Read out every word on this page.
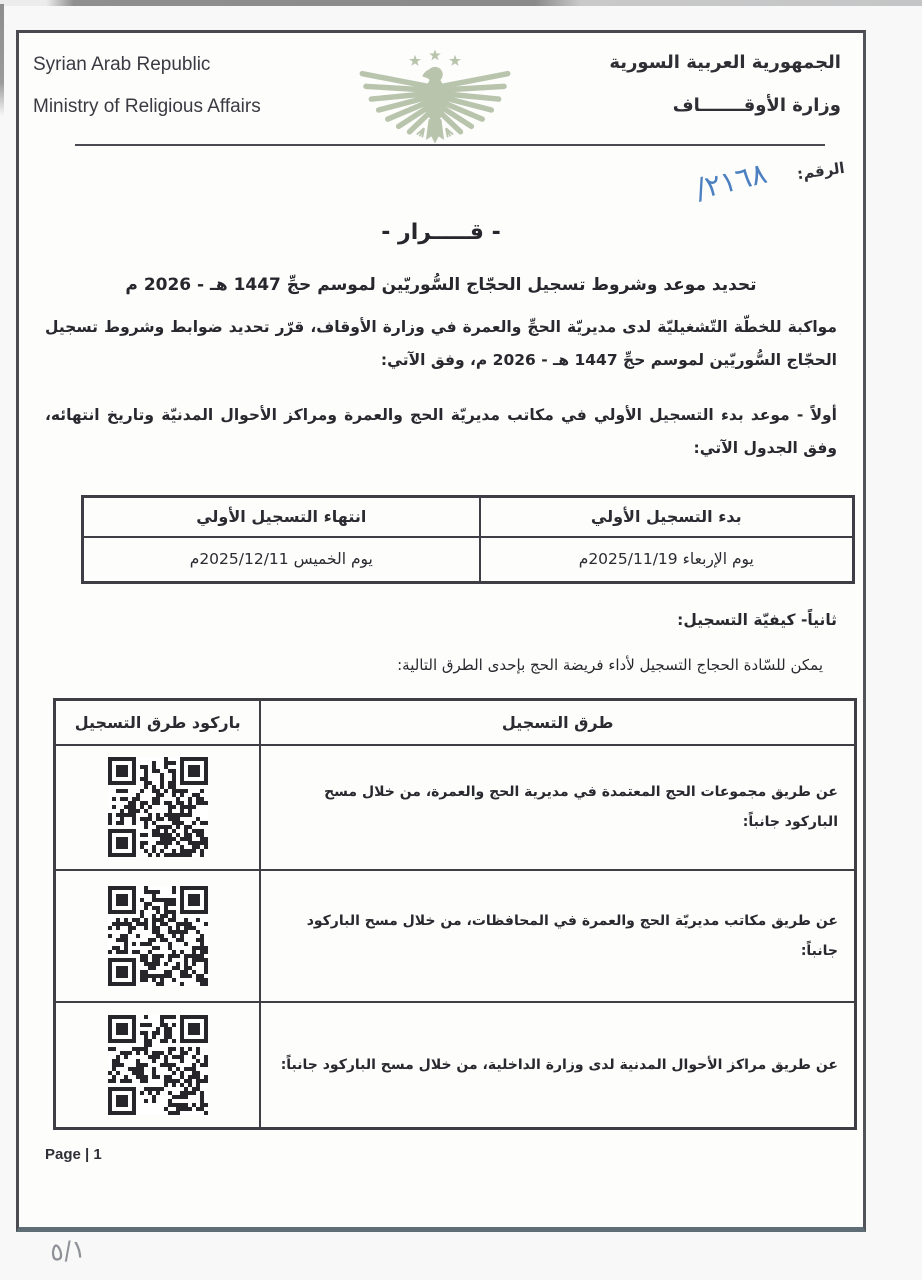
Syrian Arab Republic
Ministry of Religious Affairs
الجمهورية العربية السورية
وزارة الأوقـــــــاف
الرقم:
/٢١٦٨
- قـــــرار -
تحديد موعد وشروط تسجيل الحجّاج السُّوريّين لموسم حجِّ 1447 هـ - 2026 م

مواكبة للخطّة التّشغيليّة لدى مديريّة الحجِّ والعمرة في وزارة الأوقاف، قرّر تحديد ضوابط وشروط تسجيل الحجّاج السُّوريّين لموسم حجِّ 1447 هـ - 2026 م، وفق الآتي:

أولاً - موعد بدء التسجيل الأولي في مكاتب مديريّة الحج والعمرة ومراكز الأحوال المدنيّة وتاريخ انتهائه، وفق الجدول الآتي:

بدء التسجيل الأولي	انتهاء التسجيل الأولي
يوم الإربعاء 2025/11/19م	يوم الخميس 2025/12/11م

ثانياً- كيفيّة التسجيل:

يمكن للسّادة الحجاج التسجيل لأداء فريضة الحج بإحدى الطرق التالية:

طرق التسجيل	باركود طرق التسجيل
عن طريق مجموعات الحج المعتمدة في مديرية الحج والعمرة، من خلال مسح الباركود جانباً:	

عن طريق مكاتب مديريّة الحج والعمرة في المحافظات، من خلال مسح الباركود جانباً:	

عن طريق مراكز الأحوال المدنية لدى وزارة الداخلية، من خلال مسح الباركود جانباً:	
Page | 1
٥/١
